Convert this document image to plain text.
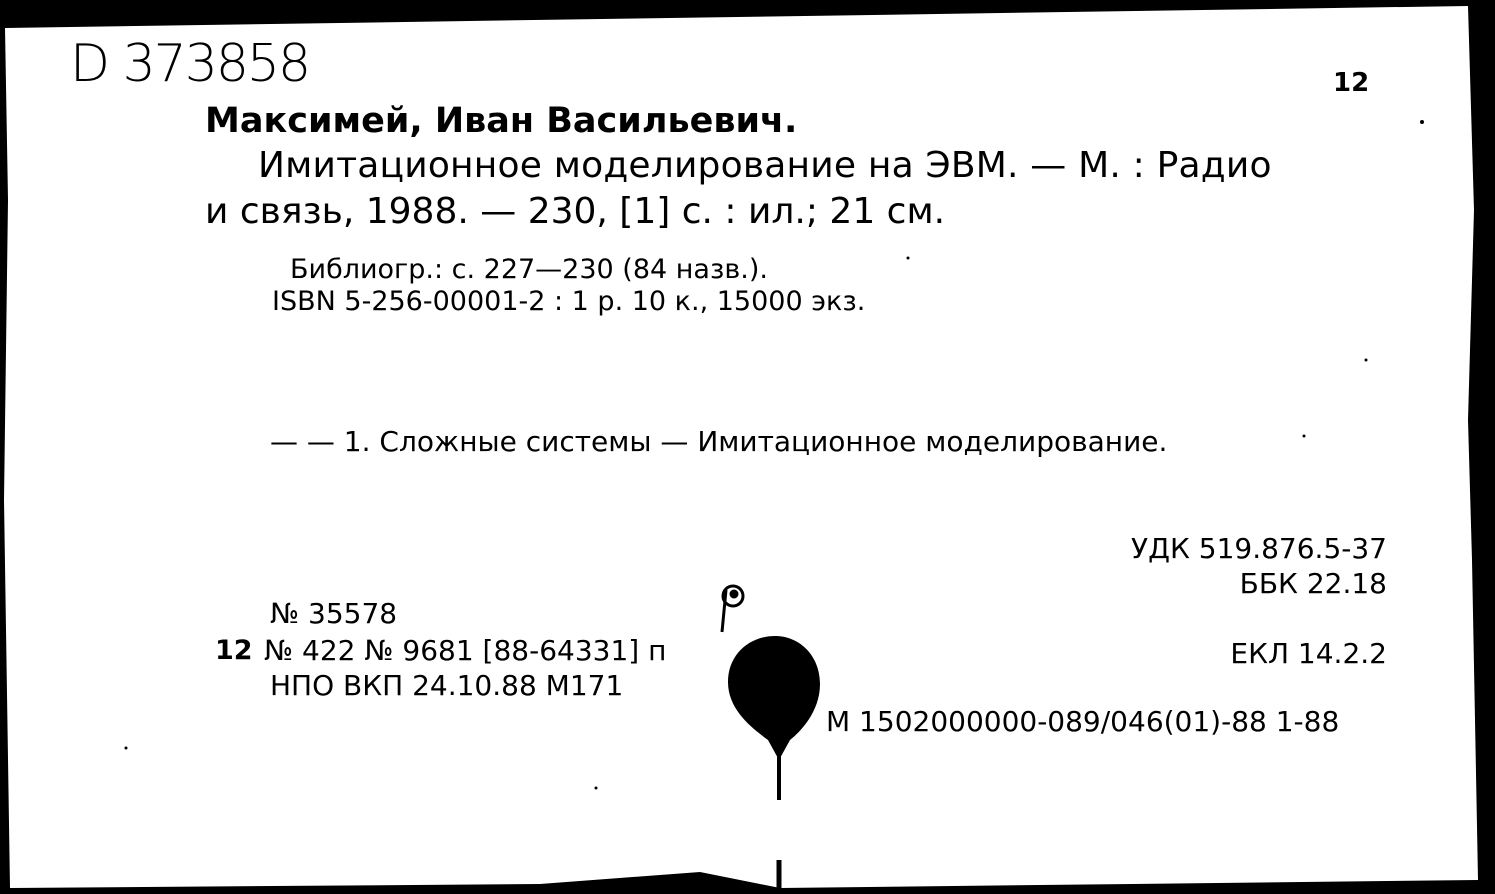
D 373858	12
Максимей, Иван Васильевич.
Имитационное моделирование на ЭВМ. — М. : Радио
и связь, 1988. — 230, [1] с. : ил.; 21 см.
Библиогр.: с. 227—230 (84 назв.).
ISBN 5-256-00001-2 : 1 р. 10 к., 15000 экз.
— — 1. Сложные системы — Имитационное моделирование.
УДК 519.876.5-37
ББК 22.18
ЕКЛ 14.2.2
М 1502000000-089/046(01)-88 1-88
№ 35578
12 № 422 № 9681 [88-64331] п
НПО ВКП 24.10.88 М171
